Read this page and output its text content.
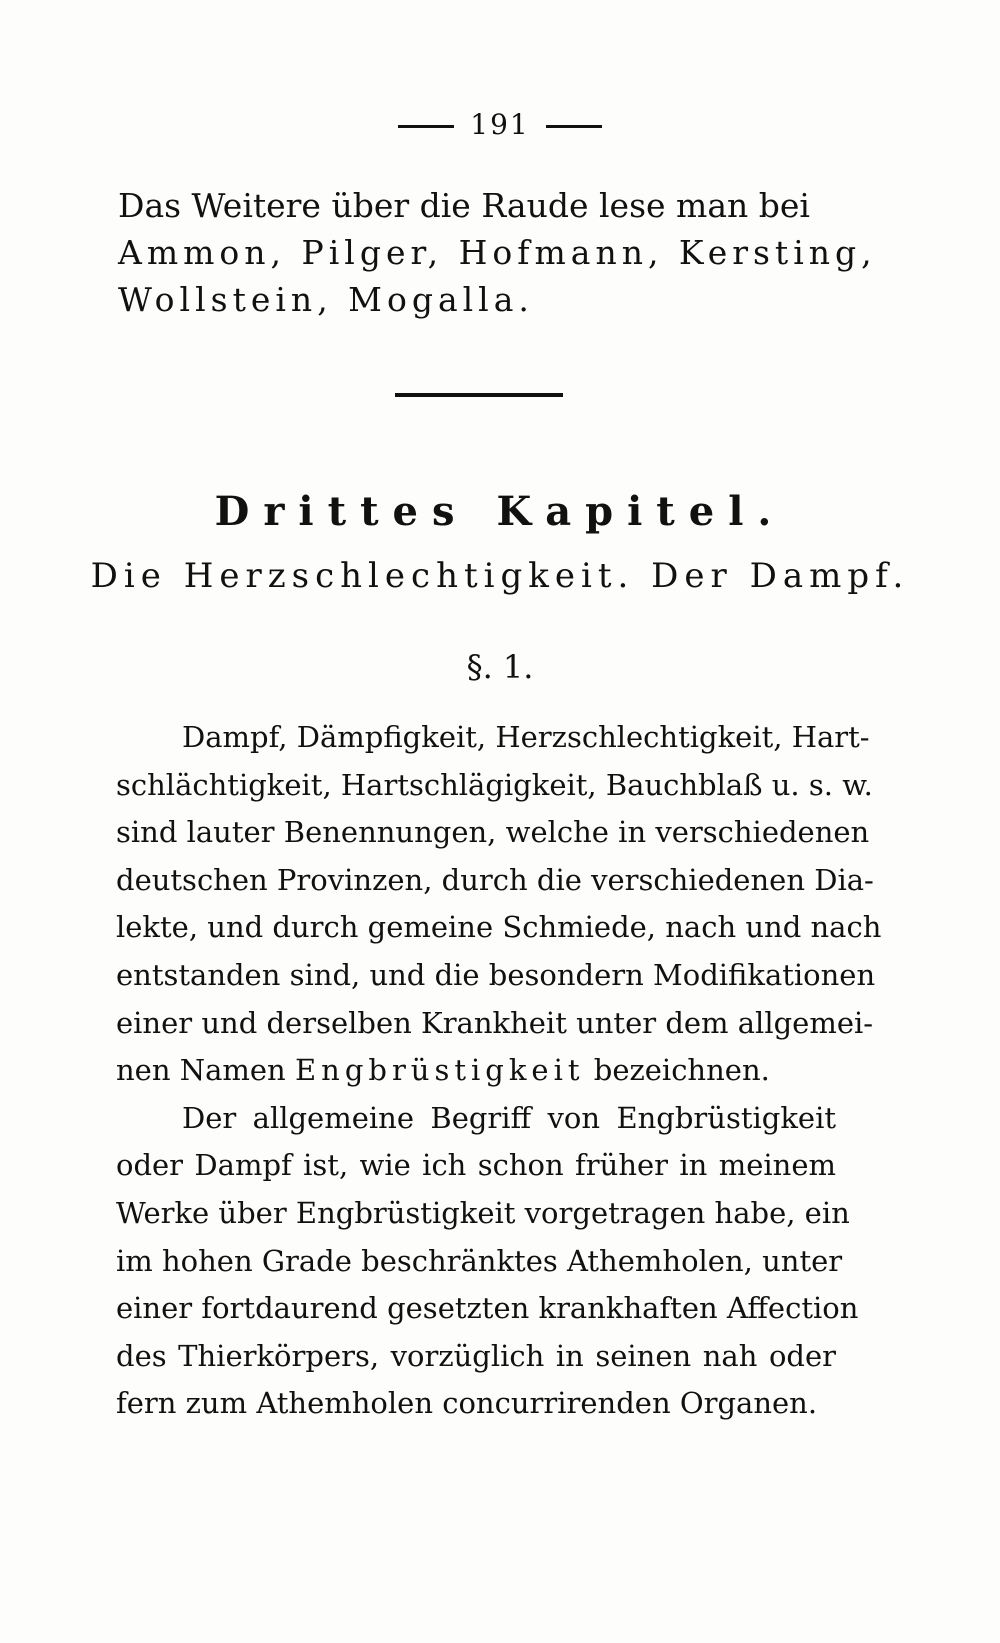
191
Das Weitere über die Raude lese man bei
Ammon, Pilger, Hofmann, Kersting,
Wollstein, Mogalla.
Drittes Kapitel.
Die Herzschlechtigkeit. Der Dampf.
§. 1.
Dampf, Dämpfigkeit, Herzschlechtigkeit, Hart-
schlächtigkeit, Hartschlägigkeit, Bauchblaß u. s. w.
sind lauter Benennungen, welche in verschiedenen
deutschen Provinzen, durch die verschiedenen Dia-
lekte, und durch gemeine Schmiede, nach und nach
entstanden sind, und die besondern Modifikationen
einer und derselben Krankheit unter dem allgemei-
nen Namen Engbrüstigkeit bezeichnen.
Der allgemeine Begriff von Engbrüstigkeit
oder Dampf ist, wie ich schon früher in meinem
Werke über Engbrüstigkeit vorgetragen habe, ein
im hohen Grade beschränktes Athemholen, unter
einer fortdaurend gesetzten krankhaften Affection
des Thierkörpers, vorzüglich in seinen nah oder
fern zum Athemholen concurrirenden Organen.
